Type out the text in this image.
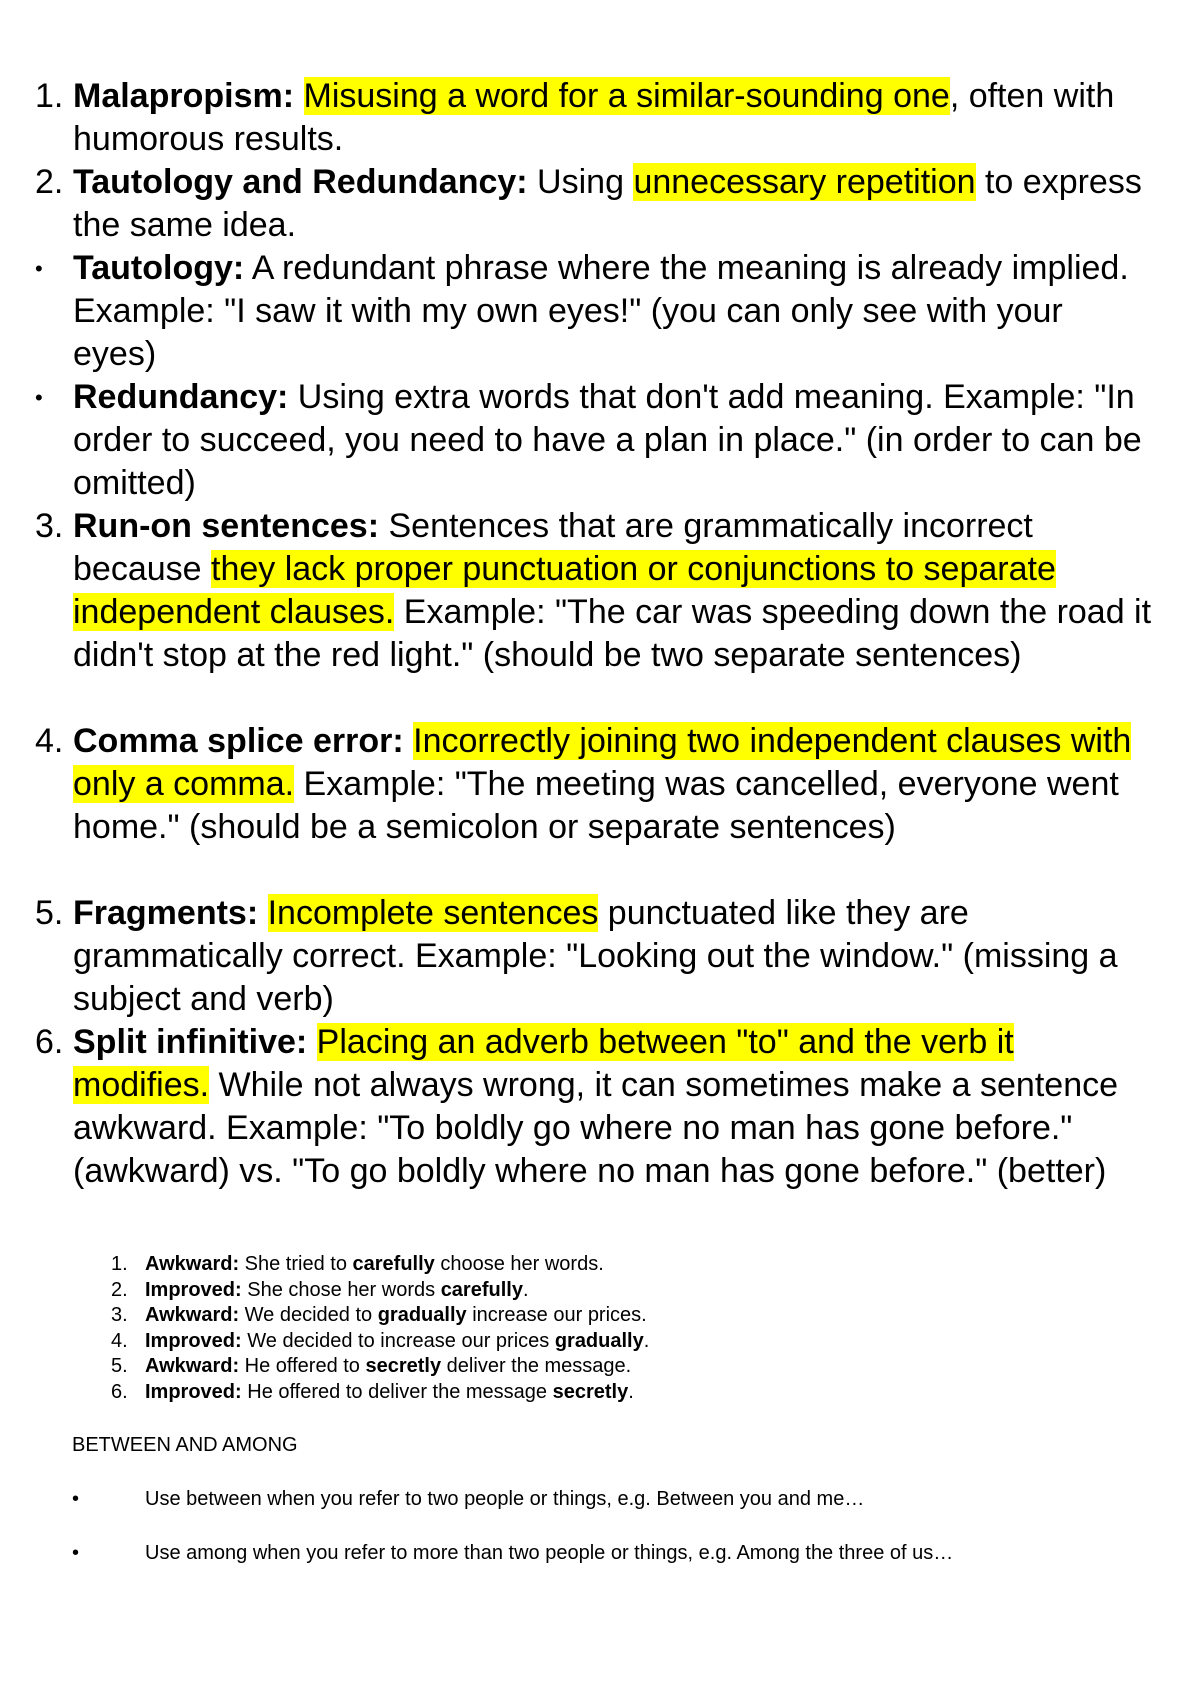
1. Malapropism: Misusing a word for a similar-sounding one, often with humorous results.
2. Tautology and Redundancy: Using unnecessary repetition to express the same idea.
• Tautology: A redundant phrase where the meaning is already implied. Example: "I saw it with my own eyes!" (you can only see with your eyes)
• Redundancy: Using extra words that don't add meaning. Example: "In order to succeed, you need to have a plan in place." (in order to can be omitted)
3. Run-on sentences: Sentences that are grammatically incorrect because they lack proper punctuation or conjunctions to separate independent clauses. Example: "The car was speeding down the road it didn't stop at the red light." (should be two separate sentences)
4. Comma splice error: Incorrectly joining two independent clauses with only a comma. Example: "The meeting was cancelled, everyone went home." (should be a semicolon or separate sentences)
5. Fragments: Incomplete sentences punctuated like they are grammatically correct. Example: "Looking out the window." (missing a subject and verb)
6. Split infinitive: Placing an adverb between "to" and the verb it modifies. While not always wrong, it can sometimes make a sentence awkward. Example: "To boldly go where no man has gone before." (awkward) vs. "To go boldly where no man has gone before." (better)
1. Awkward: She tried to carefully choose her words.
2. Improved: She chose her words carefully.
3. Awkward: We decided to gradually increase our prices.
4. Improved: We decided to increase our prices gradually.
5. Awkward: He offered to secretly deliver the message.
6. Improved: He offered to deliver the message secretly.
BETWEEN AND AMONG
•	Use between when you refer to two people or things, e.g. Between you and me…
•	Use among when you refer to more than two people or things, e.g. Among the three of us…
